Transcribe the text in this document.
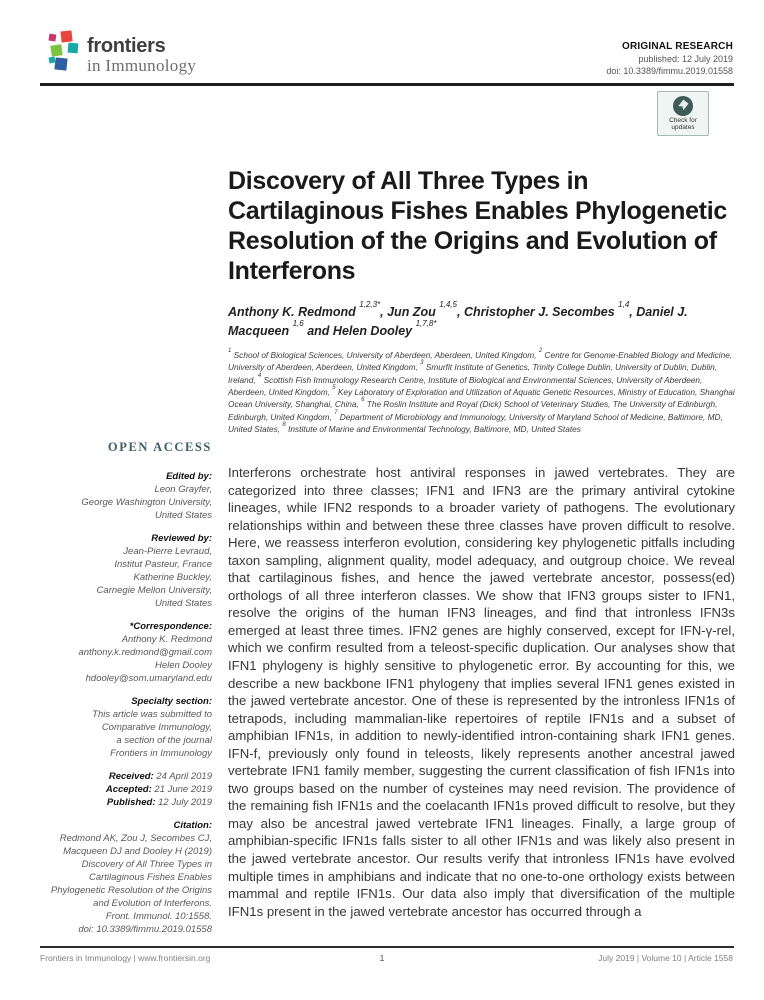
frontiers
in Immunology
ORIGINAL RESEARCH
published: 12 July 2019
doi: 10.3389/fimmu.2019.01558
Check for
updates
Discovery of All Three Types in Cartilaginous Fishes Enables Phylogenetic Resolution of the Origins and Evolution of Interferons
Anthony K. Redmond $^{1,2,3*}$, Jun Zou $^{1,4,5}$, Christopher J. Secombes $^{1,4}$, Daniel J. Macqueen $^{1,6}$ and Helen Dooley $^{1,7,8*}$
$^1$ School of Biological Sciences, University of Aberdeen, Aberdeen, United Kingdom, $^2$ Centre for Genome-Enabled Biology and Medicine, University of Aberdeen, Aberdeen, United Kingdom, $^3$ Smurfit Institute of Genetics, Trinity College Dublin, University of Dublin, Dublin, Ireland, $^4$ Scottish Fish Immunology Research Centre, Institute of Biological and Environmental Sciences, University of Aberdeen, Aberdeen, United Kingdom, $^5$ Key Laboratory of Exploration and Utilization of Aquatic Genetic Resources, Ministry of Education, Shanghai Ocean University, Shanghai, China, $^6$ The Roslin Institute and Royal (Dick) School of Veterinary Studies, The University of Edinburgh, Edinburgh, United Kingdom, $^7$ Department of Microbiology and Immunology, University of Maryland School of Medicine, Baltimore, MD, United States, $^8$ Institute of Marine and Environmental Technology, Baltimore, MD, United States
Interferons orchestrate host antiviral responses in jawed vertebrates. They are categorized into three classes; IFN1 and IFN3 are the primary antiviral cytokine lineages, while IFN2 responds to a broader variety of pathogens. The evolutionary relationships within and between these three classes have proven difficult to resolve. Here, we reassess interferon evolution, considering key phylogenetic pitfalls including taxon sampling, alignment quality, model adequacy, and outgroup choice. We reveal that cartilaginous fishes, and hence the jawed vertebrate ancestor, possess(ed) orthologs of all three interferon classes. We show that IFN3 groups sister to IFN1, resolve the origins of the human IFN3 lineages, and find that intronless IFN3s emerged at least three times. IFN2 genes are highly conserved, except for IFN-γ-rel, which we confirm resulted from a teleost-specific duplication. Our analyses show that IFN1 phylogeny is highly sensitive to phylogenetic error. By accounting for this, we describe a new backbone IFN1 phylogeny that implies several IFN1 genes existed in the jawed vertebrate ancestor. One of these is represented by the intronless IFN1s of tetrapods, including mammalian-like repertoires of reptile IFN1s and a subset of amphibian IFN1s, in addition to newly-identified intron-containing shark IFN1 genes. IFN-f, previously only found in teleosts, likely represents another ancestral jawed vertebrate IFN1 family member, suggesting the current classification of fish IFN1s into two groups based on the number of cysteines may need revision. The providence of the remaining fish IFN1s and the coelacanth IFN1s proved difficult to resolve, but they may also be ancestral jawed vertebrate IFN1 lineages. Finally, a large group of amphibian-specific IFN1s falls sister to all other IFN1s and was likely also present in the jawed vertebrate ancestor. Our results verify that intronless IFN1s have evolved multiple times in amphibians and indicate that no one-to-one orthology exists between mammal and reptile IFN1s. Our data also imply that diversification of the multiple IFN1s present in the jawed vertebrate ancestor has occurred through a
OPEN ACCESS
Edited by:
Leon Grayfer,
George Washington University,
United States
Reviewed by:
Jean-Pierre Levraud,
Institut Pasteur, France
Katherine Buckley,
Carnegie Mellon University,
United States
*Correspondence:
Anthony K. Redmond
anthony.k.redmond@gmail.com
Helen Dooley
hdooley@som.umaryland.edu
Specialty section:
This article was submitted to
Comparative Immunology,
a section of the journal
Frontiers in Immunology
Received: 24 April 2019
Accepted: 21 June 2019
Published: 12 July 2019
Citation:
Redmond AK, Zou J, Secombes CJ,
Macqueen DJ and Dooley H (2019)
Discovery of All Three Types in
Cartilaginous Fishes Enables
Phylogenetic Resolution of the Origins
and Evolution of Interferons.
Front. Immunol. 10:1558.
doi: 10.3389/fimmu.2019.01558
Frontiers in Immunology | www.frontiersin.org	1	July 2019 | Volume 10 | Article 1558
